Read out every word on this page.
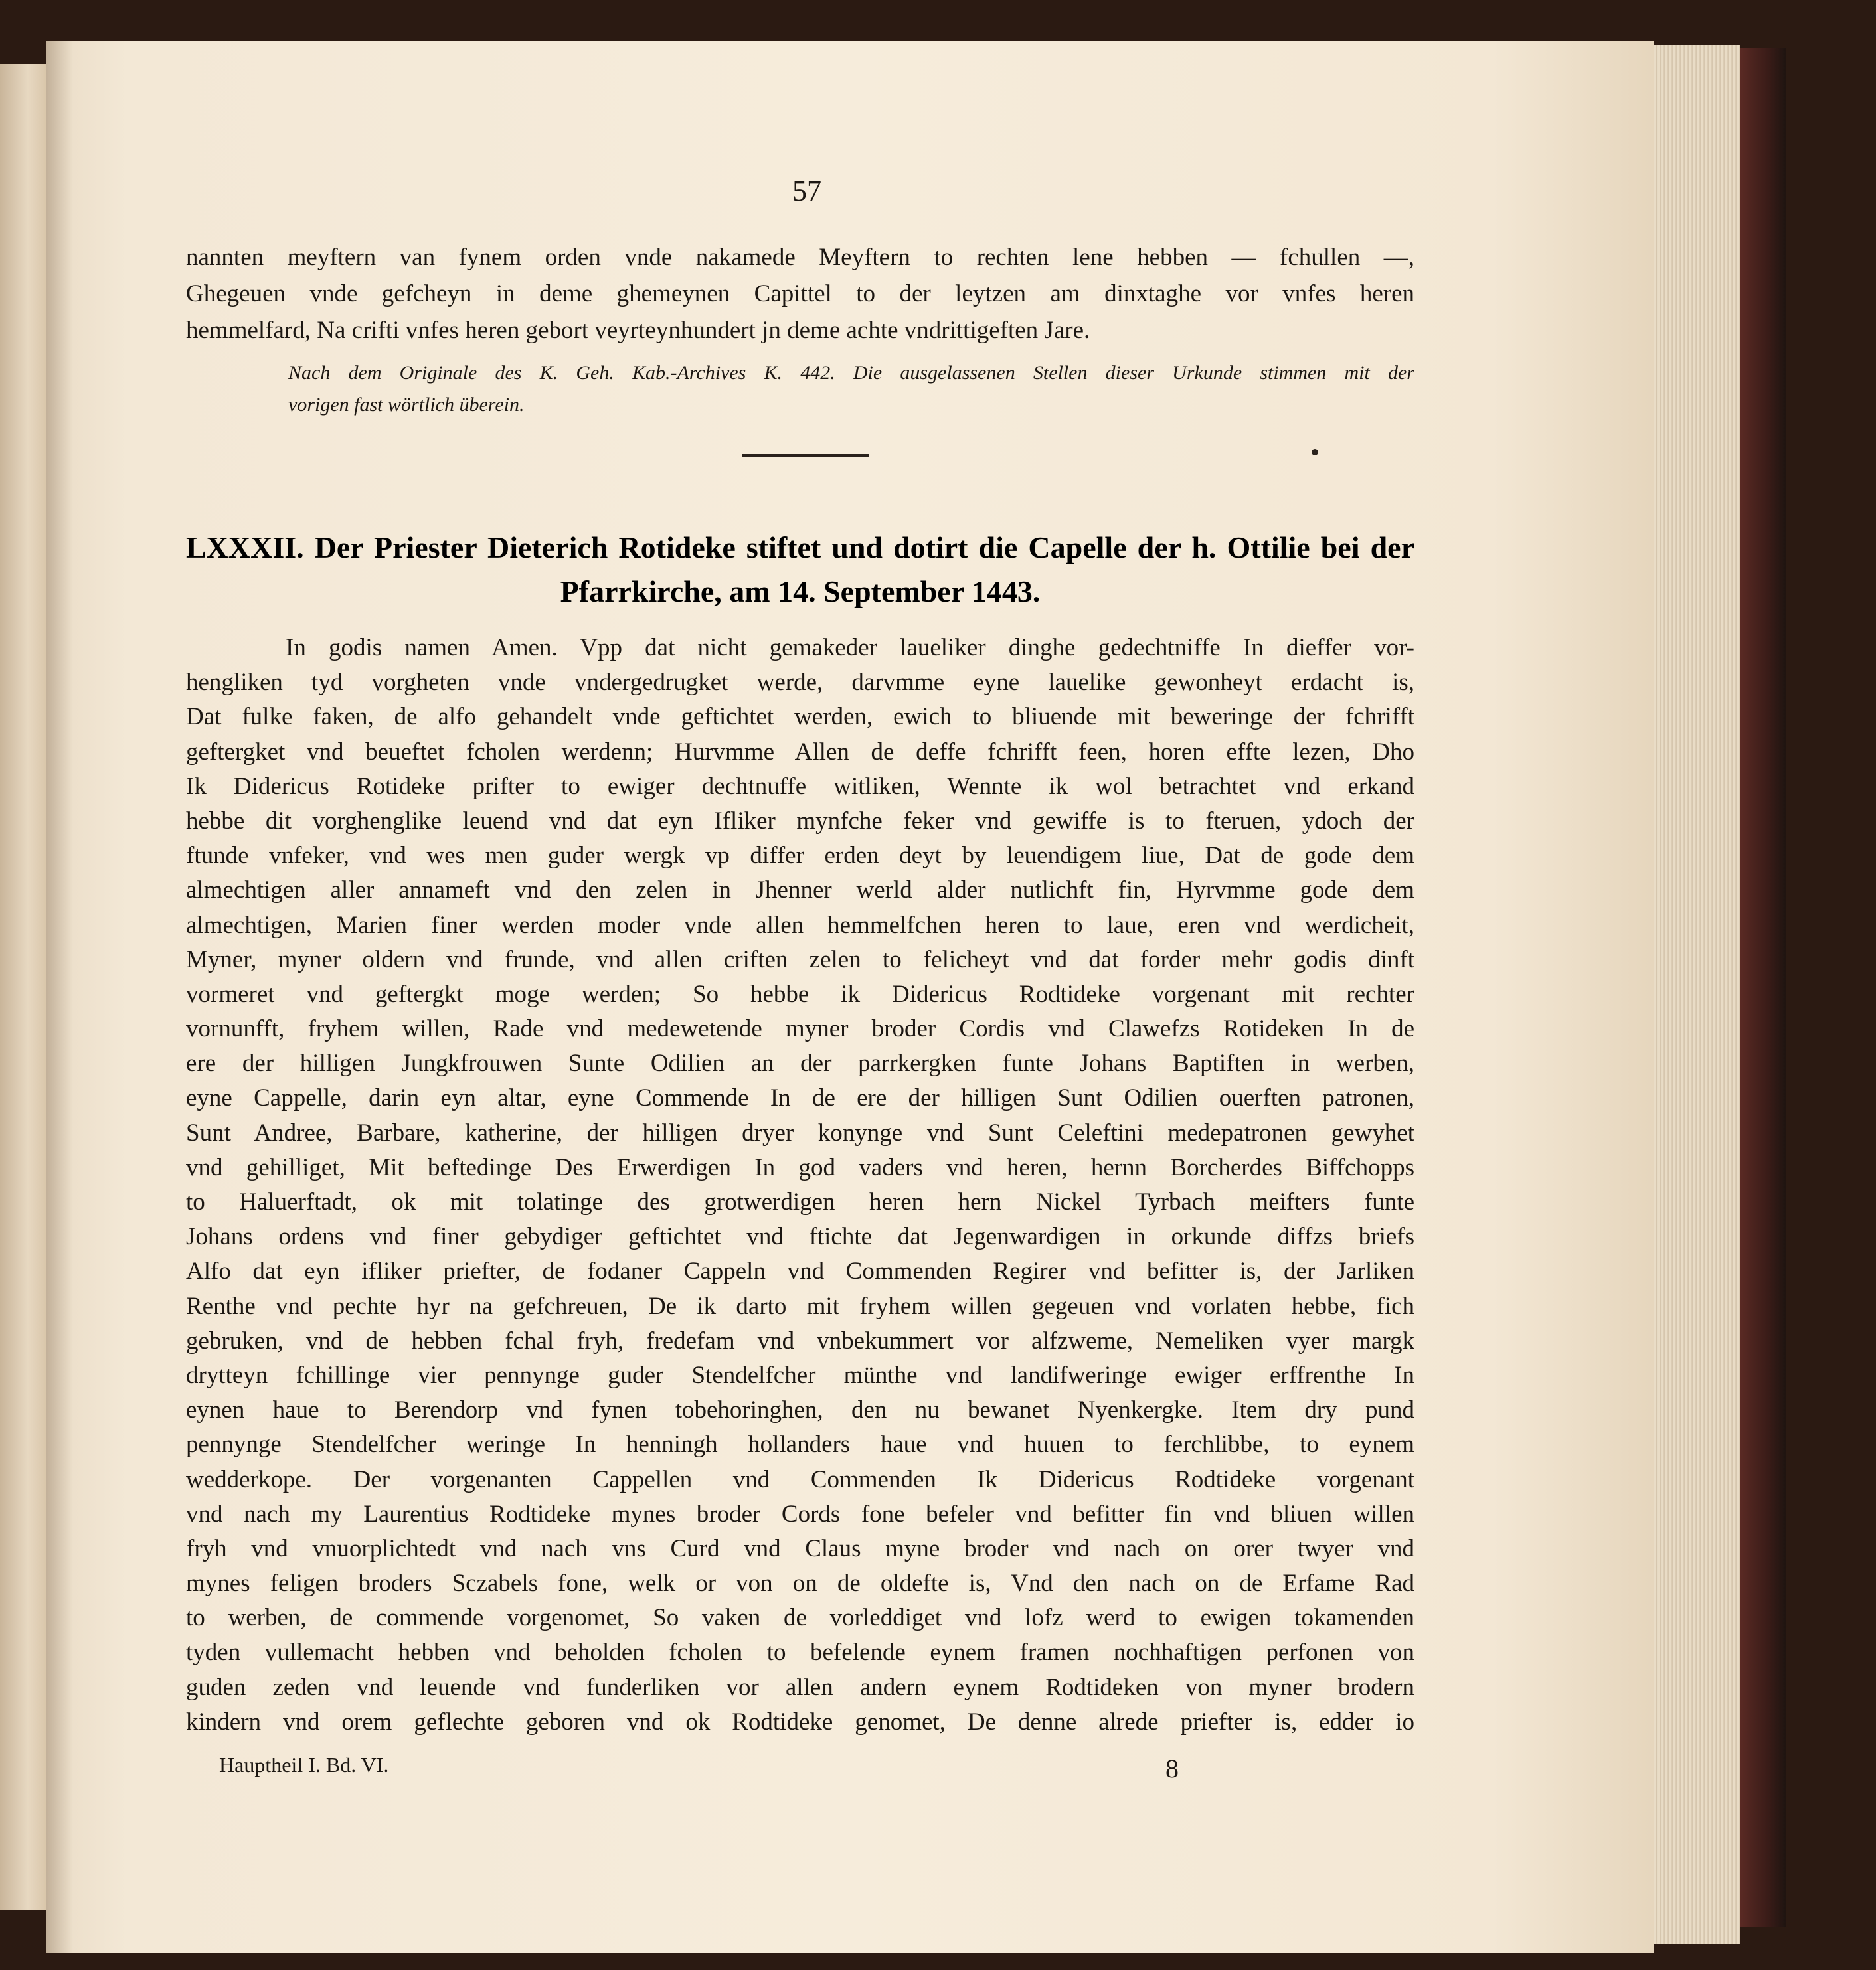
57
nannten meyftern van fynem orden vnde nakamede Meyftern to rechten lene hebben — fchullen —,
Ghegeuen vnde gefcheyn in deme ghemeynen Capittel to der leytzen am dinxtaghe vor vnfes heren
hemmelfard, Na crifti vnfes heren gebort veyrteynhundert jn deme achte vndrittigeften Jare.
Nach dem Originale des K. Geh. Kab.-Archives K. 442. Die ausgelassenen Stellen dieser Urkunde stimmen mit der
vorigen fast wörtlich überein.
LXXXII. Der Priester Dieterich Rotideke stiftet und dotirt die Capelle der h. Ottilie bei der
Pfarrkirche, am 14. September 1443.
In godis namen Amen. Vpp dat nicht gemakeder laueliker dinghe gedechtniffe In dieffer vor-
hengliken tyd vorgheten vnde vndergedrugket werde, darvmme eyne lauelike gewonheyt erdacht is,
Dat fulke faken, de alfo gehandelt vnde geftichtet werden, ewich to bliuende mit beweringe der fchrifft
geftergket vnd beueftet fcholen werdenn; Hurvmme Allen de deffe fchrifft feen, horen effte lezen, Dho
Ik Didericus Rotideke prifter to ewiger dechtnuffe witliken, Wennte ik wol betrachtet vnd erkand
hebbe dit vorghenglike leuend vnd dat eyn Ifliker mynfche feker vnd gewiffe is to fteruen, ydoch der
ftunde vnfeker, vnd wes men guder wergk vp differ erden deyt by leuendigem liue, Dat de gode dem
almechtigen aller annameft vnd den zelen in Jhenner werld alder nutlichft fin, Hyrvmme gode dem
almechtigen, Marien finer werden moder vnde allen hemmelfchen heren to laue, eren vnd werdicheit,
Myner, myner oldern vnd frunde, vnd allen criften zelen to felicheyt vnd dat forder mehr godis dinft
vormeret vnd geftergkt moge werden; So hebbe ik Didericus Rodtideke vorgenant mit rechter
vornunfft, fryhem willen, Rade vnd medewetende myner broder Cordis vnd Clawefzs Rotideken In de
ere der hilligen Jungkfrouwen Sunte Odilien an der parrkergken funte Johans Baptiften in werben,
eyne Cappelle, darin eyn altar, eyne Commende In de ere der hilligen Sunt Odilien ouerften patronen,
Sunt Andree, Barbare, katherine, der hilligen dryer konynge vnd Sunt Celeftini medepatronen gewyhet
vnd gehilliget, Mit beftedinge Des Erwerdigen In god vaders vnd heren, hernn Borcherdes Biffchopps
to Haluerftadt, ok mit tolatinge des grotwerdigen heren hern Nickel Tyrbach meifters funte
Johans ordens vnd finer gebydiger geftichtet vnd ftichte dat Jegenwardigen in orkunde diffzs briefs
Alfo dat eyn ifliker priefter, de fodaner Cappeln vnd Commenden Regirer vnd befitter is, der Jarliken
Renthe vnd pechte hyr na gefchreuen, De ik darto mit fryhem willen gegeuen vnd vorlaten hebbe, fich
gebruken, vnd de hebben fchal fryh, fredefam vnd vnbekummert vor alfzweme, Nemeliken vyer margk
drytteyn fchillinge vier pennynge guder Stendelfcher münthe vnd landifweringe ewiger erffrenthe In
eynen haue to Berendorp vnd fynen tobehoringhen, den nu bewanet Nyenkergke. Item dry pund
pennynge Stendelfcher weringe In henningh hollanders haue vnd huuen to ferchlibbe, to eynem
wedderkope. Der vorgenanten Cappellen vnd Commenden Ik Didericus Rodtideke vorgenant
vnd nach my Laurentius Rodtideke mynes broder Cords fone befeler vnd befitter fin vnd bliuen willen
fryh vnd vnuorplichtedt vnd nach vns Curd vnd Claus myne broder vnd nach on orer twyer vnd
mynes feligen broders Sczabels fone, welk or von on de oldefte is, Vnd den nach on de Erfame Rad
to werben, de commende vorgenomet, So vaken de vorleddiget vnd lofz werd to ewigen tokamenden
tyden vullemacht hebben vnd beholden fcholen to befelende eynem framen nochhaftigen perfonen von
guden zeden vnd leuende vnd funderliken vor allen andern eynem Rodtideken von myner brodern
kindern vnd orem geflechte geboren vnd ok Rodtideke genomet, De denne alrede priefter is, edder io
Hauptheil I. Bd. VI.	8
